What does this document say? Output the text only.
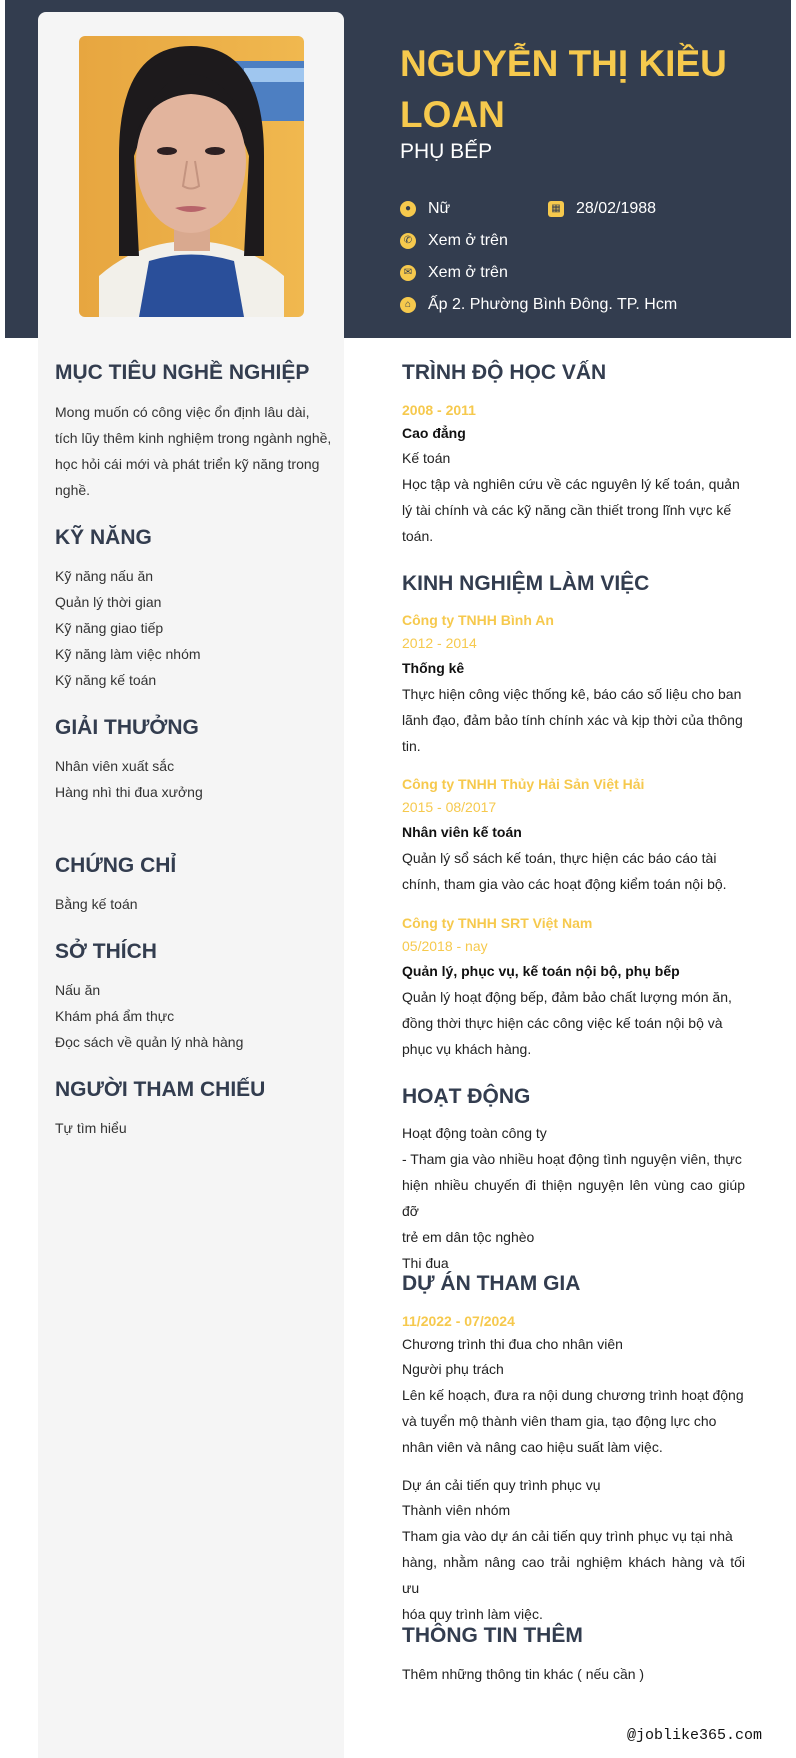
NGUYỄN THỊ KIỀU LOAN
PHỤ BẾP
●	Nữ	▦ 28/02/1988
✆ Xem ở trên
✉ Xem ở trên
⌂	Ấp 2. Phường Bình Đông. TP. Hcm
MỤC TIÊU NGHỀ NGHIỆP
Mong muốn có công việc ổn định lâu dài,
tích lũy thêm kinh nghiệm trong ngành nghề,
học hỏi cái mới và phát triển kỹ năng trong
nghề.
KỸ NĂNG
Kỹ năng nấu ăn
Quản lý thời gian
Kỹ năng giao tiếp
Kỹ năng làm việc nhóm
Kỹ năng kế toán
GIẢI THƯỞNG
Nhân viên xuất sắc
Hàng nhì thi đua xưởng
CHỨNG CHỈ
Bằng kế toán
SỞ THÍCH
Nấu ăn
Khám phá ẩm thực
Đọc sách về quản lý nhà hàng
NGƯỜI THAM CHIẾU
Tự tìm hiểu
TRÌNH ĐỘ HỌC VẤN
2008 - 2011
Cao đẳng
Kế toán
Học tập và nghiên cứu về các nguyên lý kế toán, quản
lý tài chính và các kỹ năng cần thiết trong lĩnh vực kế
toán.
KINH NGHIỆM LÀM VIỆC
Công ty TNHH Bình An
2012 - 2014
Thống kê
Thực hiện công việc thống kê, báo cáo số liệu cho ban
lãnh đạo, đảm bảo tính chính xác và kịp thời của thông
tin.
Công ty TNHH Thủy Hải Sản Việt Hải
2015 - 08/2017
Nhân viên kế toán
Quản lý sổ sách kế toán, thực hiện các báo cáo tài
chính, tham gia vào các hoạt động kiểm toán nội bộ.
Công ty TNHH SRT Việt Nam
05/2018 - nay
Quản lý, phục vụ, kế toán nội bộ, phụ bếp
Quản lý hoạt động bếp, đảm bảo chất lượng món ăn,
đồng thời thực hiện các công việc kế toán nội bộ và
phục vụ khách hàng.
HOẠT ĐỘNG
Hoạt động toàn công ty
- Tham gia vào nhiều hoạt động tình nguyện viên, thực
hiện nhiều chuyến đi thiện nguyện lên vùng cao giúp đỡ
trẻ em dân tộc nghèo
Thi đua
DỰ ÁN THAM GIA
11/2022 - 07/2024
Chương trình thi đua cho nhân viên
Người phụ trách
Lên kế hoạch, đưa ra nội dung chương trình hoạt động
và tuyển mộ thành viên tham gia, tạo động lực cho
nhân viên và nâng cao hiệu suất làm việc.
Dự án cải tiến quy trình phục vụ
Thành viên nhóm
Tham gia vào dự án cải tiến quy trình phục vụ tại nhà
hàng, nhằm nâng cao trải nghiệm khách hàng và tối ưu
hóa quy trình làm việc.
THÔNG TIN THÊM
Thêm những thông tin khác ( nếu cần )
@joblike365.com
